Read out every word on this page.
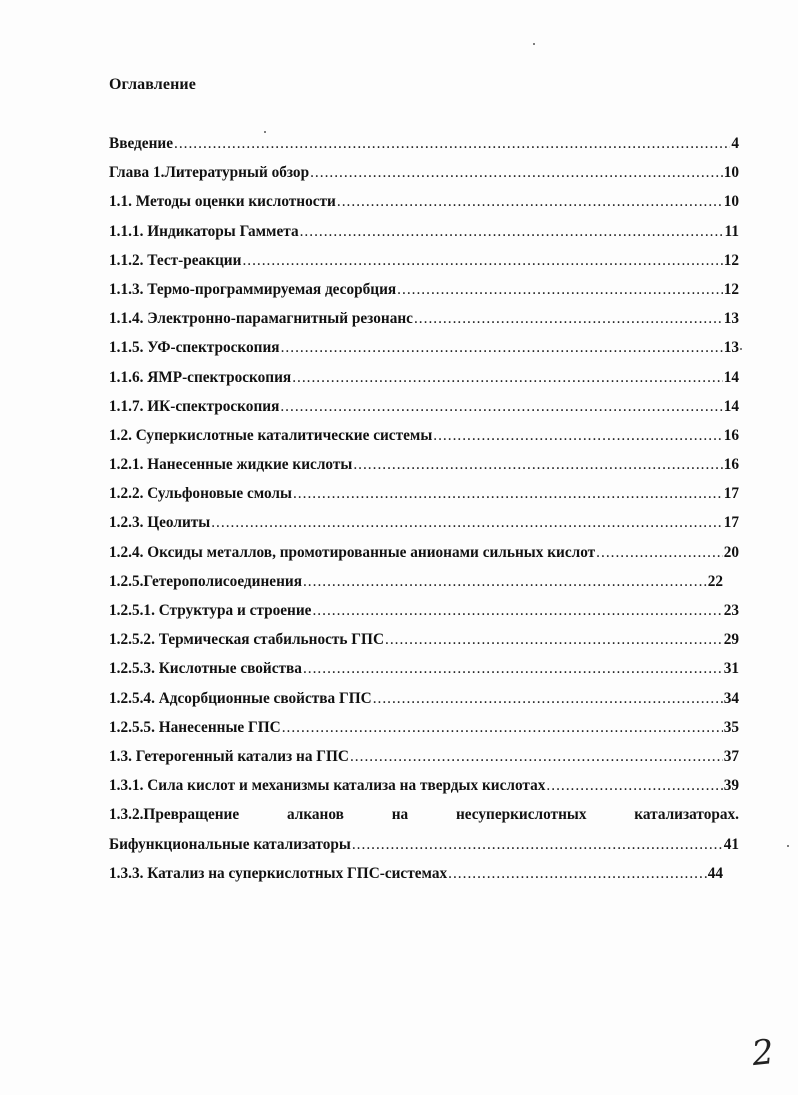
Оглавление
Введение .....	4
Глава 1.Литературный обзор .....	10
1.1. Методы оценки кислотности .....	10
1.1.1. Индикаторы Гаммета .....	11
1.1.2. Тест-реакции .....	12
1.1.3. Термо-программируемая десорбция .....	12
1.1.4. Электронно-парамагнитный резонанс .....	13
1.1.5. УФ-спектроскопия .....	13
1.1.6. ЯМР-спектроскопия .....	14
1.1.7. ИК-спектроскопия .....	14
1.2. Суперкислотные каталитические системы .....	16
1.2.1. Нанесенные жидкие кислоты .....	16
1.2.2. Сульфоновые смолы .....	17
1.2.3. Цеолиты .....	17
1.2.4. Оксиды металлов, промотированные анионами сильных кислот .....	20
1.2.5.Гетерополисоединения .....	22
1.2.5.1. Структура и строение .....	23
1.2.5.2. Термическая стабильность ГПС .....	29
1.2.5.3. Кислотные свойства .....	31
1.2.5.4. Адсорбционные свойства ГПС .....	34
1.2.5.5. Нанесенные ГПС .....	35
1.3. Гетерогенный катализ на ГПС .....	37
1.3.1. Сила кислот и механизмы катализа на твердых кислотах .....	39
1.3.2.Превращение алканов на несуперкислотных катализаторах.
Бифункциональные катализаторы .....	41
1.3.3. Катализ на суперкислотных ГПС-системах .....	44
2
